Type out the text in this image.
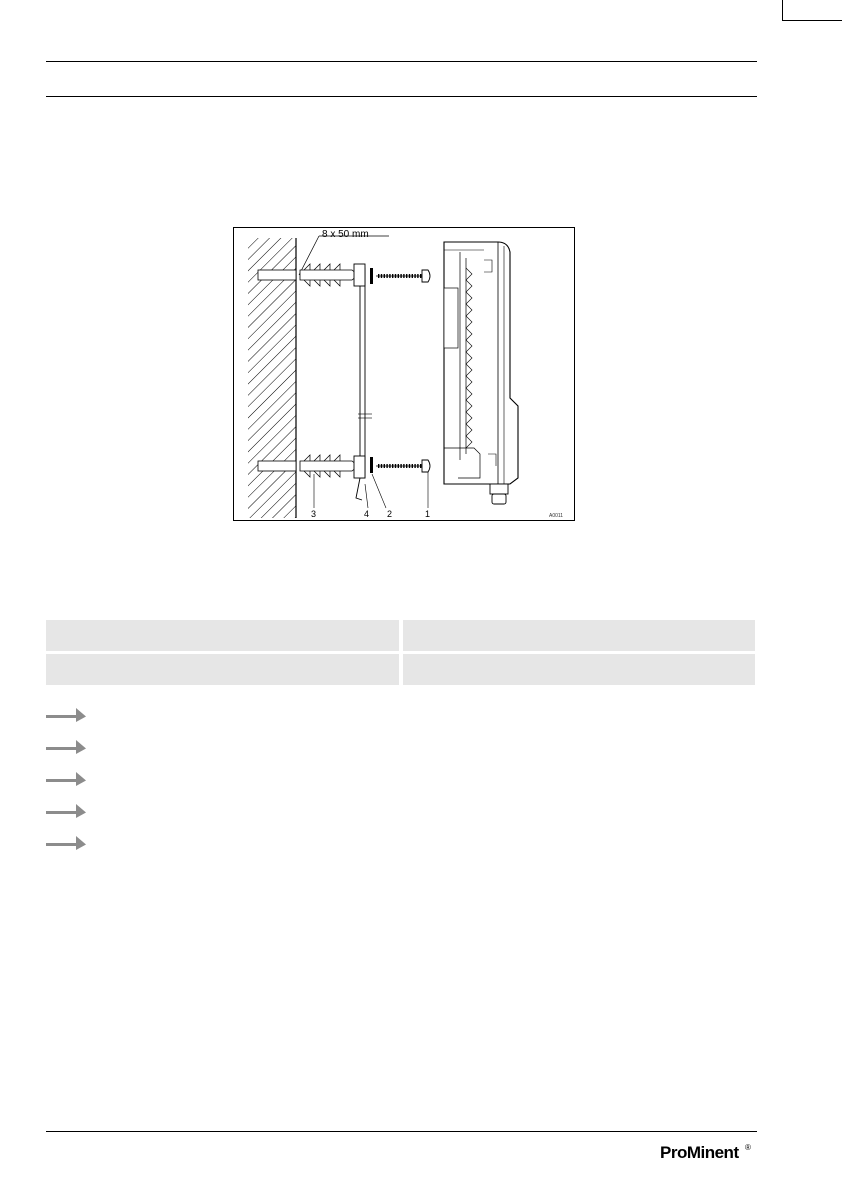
8 x 50 mm
1
2
3	4	A0011
ProMinent ®
